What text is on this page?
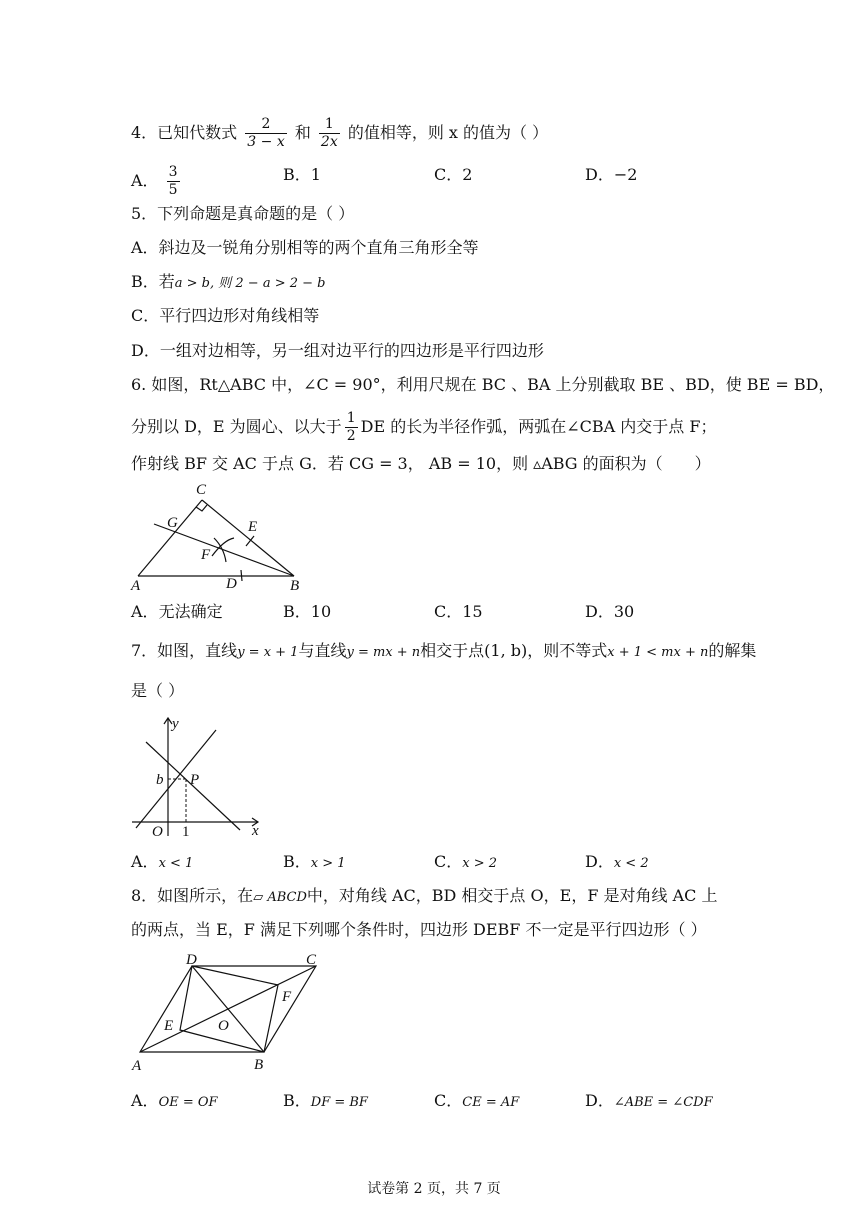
4．已知代数式 $\frac{2}{3 - x}$ 和 $\frac{1}{2x}$ 的值相等，则 x 的值为（ ）
A． $\frac{3}{5}$	B．1	C．2	D．−2
5．下列命题是真命题的是（ ）
A．斜边及一锐角分别相等的两个直角三角形全等
B．若a > b, 则 2 − a > 2 − b
C．平行四边形对角线相等
D．一组对边相等，另一组对边平行的四边形是平行四边形
6. 如图，Rt△ABC 中，∠C = 90°，利用尺规在 BC 、BA 上分别截取 BE 、BD，使 BE = BD，
分别以 D，E 为圆心、以大于 $\frac{1}{2}$ DE 的长为半径作弧，两弧在∠CBA 内交于点 F；
作射线 BF 交 AC 于点 G．若 CG = 3， AB = 10，则 ▵ABG 的面积为（　　）
C
G	E
F
A	D	B
A．无法确定	B．10	C．15	D．30
7．如图，直线y = x + 1与直线y = mx + n相交于点(1, b)，则不等式x + 1 < mx + n的解集
是（ ）
y
x
b P
O 1
A．x < 1	B．x > 1	C．x > 2	D．x < 2
8．如图所示，在▱ ABCD中，对角线 AC，BD 相交于点 O，E，F 是对角线 AC 上
的两点，当 E，F 满足下列哪个条件时，四边形 DEBF 不一定是平行四边形（ ）
D	C
F
E	O
A	B
A．OE = OF	B．DF = BF	C．CE = AF	D．∠ABE = ∠CDF
试卷第 2 页，共 7 页
